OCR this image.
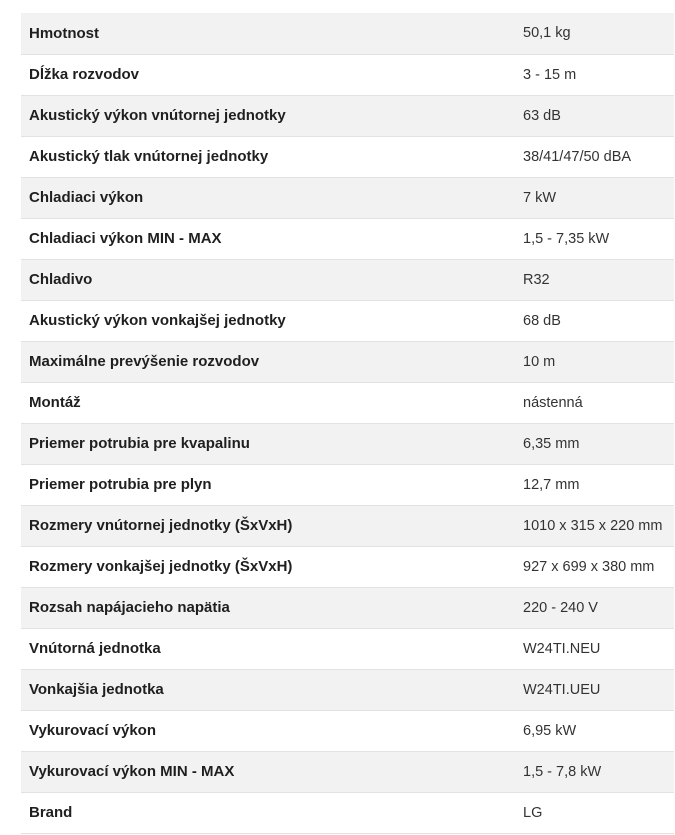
Hmotnost	50,1 kg
Dĺžka rozvodov	3 - 15 m
Akustický výkon vnútornej jednotky	63 dB
Akustický tlak vnútornej jednotky	38/41/47/50 dBA
Chladiaci výkon	7 kW
Chladiaci výkon MIN - MAX	1,5 - 7,35 kW
Chladivo	R32
Akustický výkon vonkajšej jednotky	68 dB
Maximálne prevýšenie rozvodov	10 m
Montáž	nástenná
Priemer potrubia pre kvapalinu	6,35 mm
Priemer potrubia pre plyn	12,7 mm
Rozmery vnútornej jednotky (ŠxVxH)	1010 x 315 x 220 mm
Rozmery vonkajšej jednotky (ŠxVxH)	927 x 699 x 380 mm
Rozsah napájacieho napätia	220 - 240 V
Vnútorná jednotka	W24TI.NEU
Vonkajšia jednotka	W24TI.UEU
Vykurovací výkon	6,95 kW
Vykurovací výkon MIN - MAX	1,5 - 7,8 kW
Brand	LG
